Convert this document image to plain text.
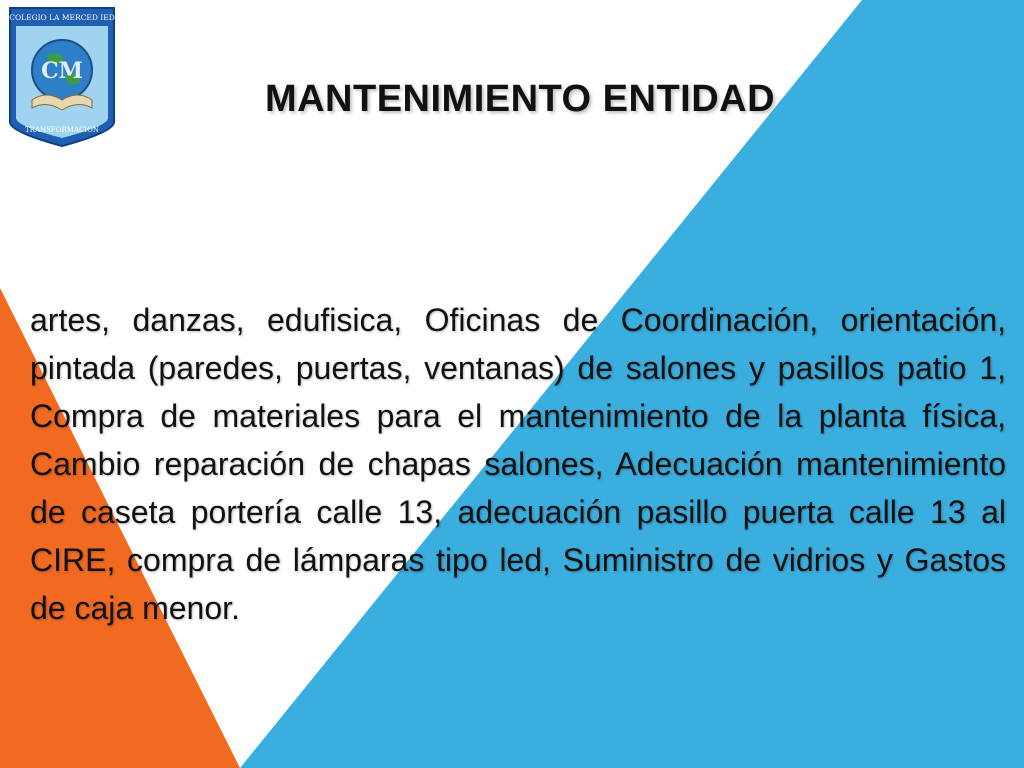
CM
COLEGIO LA MERCED IED
TRANSFORMACION
MANTENIMIENTO ENTIDAD
artes, danzas, edufisica, Oficinas de Coordinación, orientación, pintada (paredes, puertas, ventanas) de salones y pasillos patio 1, Compra de materiales para el mantenimiento de la planta física, Cambio reparación de chapas salones, Adecuación mantenimiento de caseta portería calle 13, adecuación pasillo puerta calle 13 al CIRE, compra de lámparas tipo led, Suministro de vidrios y Gastos de caja menor.
